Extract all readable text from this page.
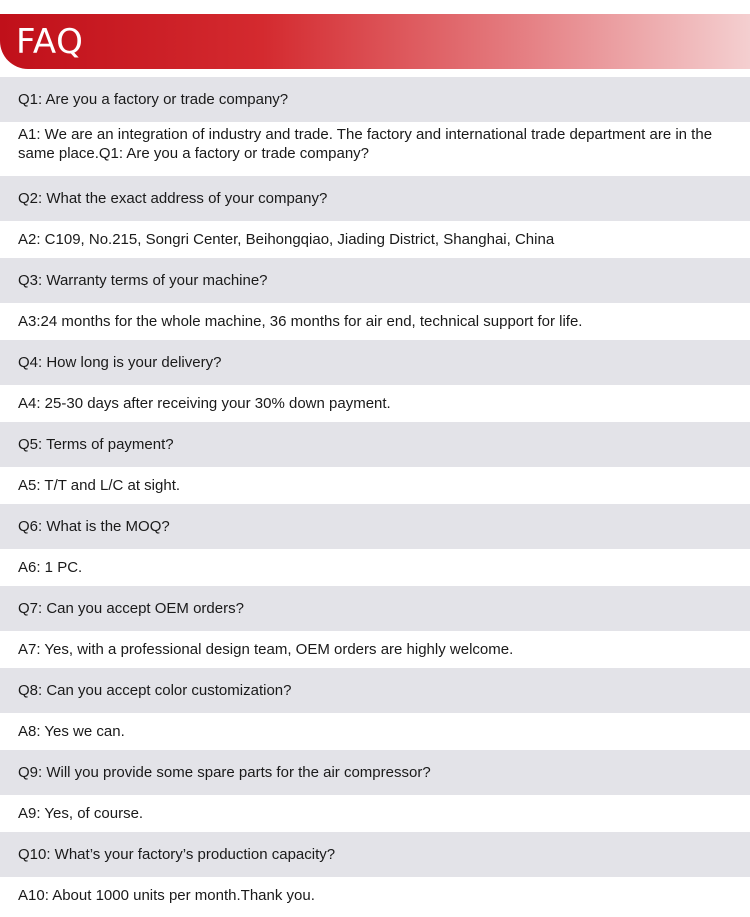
FAQ
Q1: Are you a factory or trade company?
A1: We are an integration of industry and trade. The factory and international trade department are in the same place.Q1: Are you a factory or trade company?
Q2: What the exact address of your company?
A2: C109, No.215, Songri Center, Beihongqiao, Jiading District, Shanghai, China
Q3: Warranty terms of your machine?
A3:24 months for the whole machine, 36 months for air end, technical support for life.
Q4: How long is your delivery?
A4: 25-30 days after receiving your 30% down payment.
Q5: Terms of payment?
A5: T/T and L/C at sight.
Q6: What is the MOQ?
A6: 1 PC.
Q7: Can you accept OEM orders?
A7: Yes, with a professional design team, OEM orders are highly welcome.
Q8: Can you accept color customization?
A8: Yes we can.
Q9: Will you provide some spare parts for the air compressor?
A9: Yes, of course.
Q10: What’s your factory’s production capacity?
A10: About 1000 units per month.Thank you.
